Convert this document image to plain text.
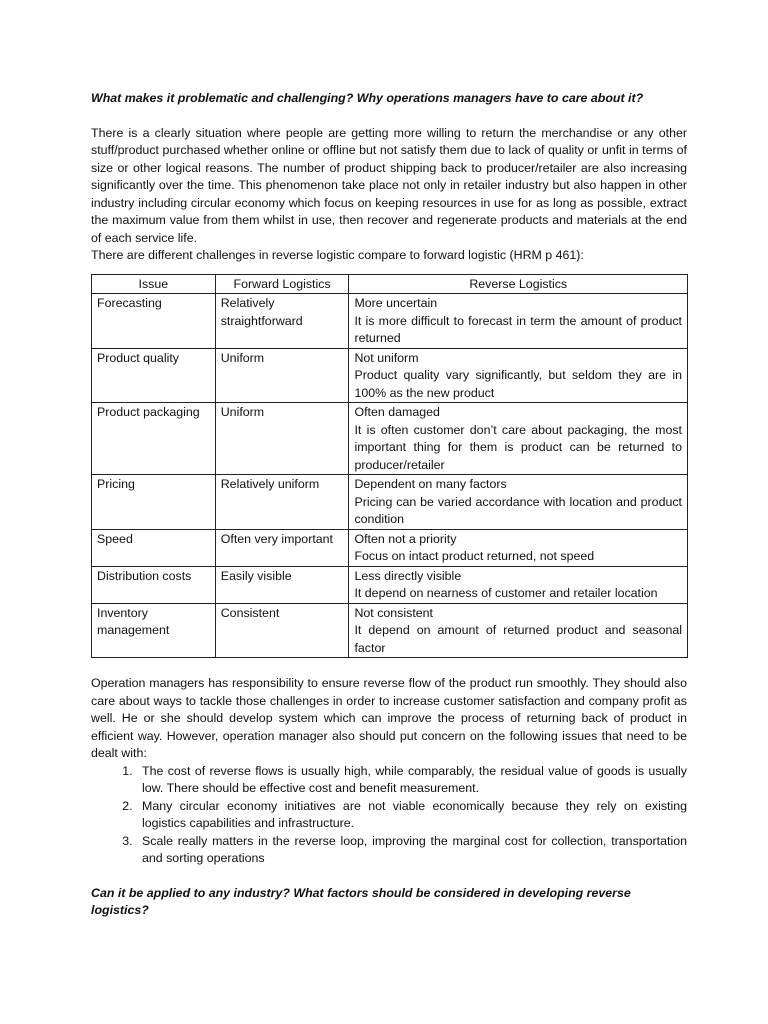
What makes it problematic and challenging? Why operations managers have to care about it?

There is a clearly situation where people are getting more willing to return the merchandise or any other stuff/product purchased whether online or offline but not satisfy them due to lack of quality or unfit in terms of size or other logical reasons. The number of product shipping back to producer/retailer are also increasing significantly over the time. This phenomenon take place not only in retailer industry but also happen in other industry including circular economy which focus on keeping resources in use for as long as possible, extract the maximum value from them whilst in use, then recover and regenerate products and materials at the end of each service life.

There are different challenges in reverse logistic compare to forward logistic (HRM p 461):

Issue	Forward Logistics	Reverse Logistics
Forecasting	Relatively straightforward	More uncertain
It is more difficult to forecast in term the amount of product returned

Product quality	Uniform	Not uniform
Product quality vary significantly, but seldom they are in 100% as the new product

Product packaging	Uniform	Often damaged
It is often customer don’t care about packaging, the most important thing for them is product can be returned to producer/retailer

Pricing	Relatively uniform	Dependent on many factors
Pricing can be varied accordance with location and product condition

Speed	Often very important	Often not a priority
Focus on intact product returned, not speed

Distribution costs	Easily visible	Less directly visible
It depend on nearness of customer and retailer location

Inventory management	Consistent	Not consistent
It depend on amount of returned product and seasonal factor

Operation managers has responsibility to ensure reverse flow of the product run smoothly. They should also care about ways to tackle those challenges in order to increase customer satisfaction and company profit as well. He or she should develop system which can improve the process of returning back of product in efficient way. However, operation manager also should put concern on the following issues that need to be dealt with:

1. The cost of reverse flows is usually high, while comparably, the residual value of goods is usually low. There should be effective cost and benefit measurement.
2. Many circular economy initiatives are not viable economically because they rely on existing logistics capabilities and infrastructure.
3. Scale really matters in the reverse loop, improving the marginal cost for collection, transportation and sorting operations

Can it be applied to any industry? What factors should be considered in developing reverse logistics?
